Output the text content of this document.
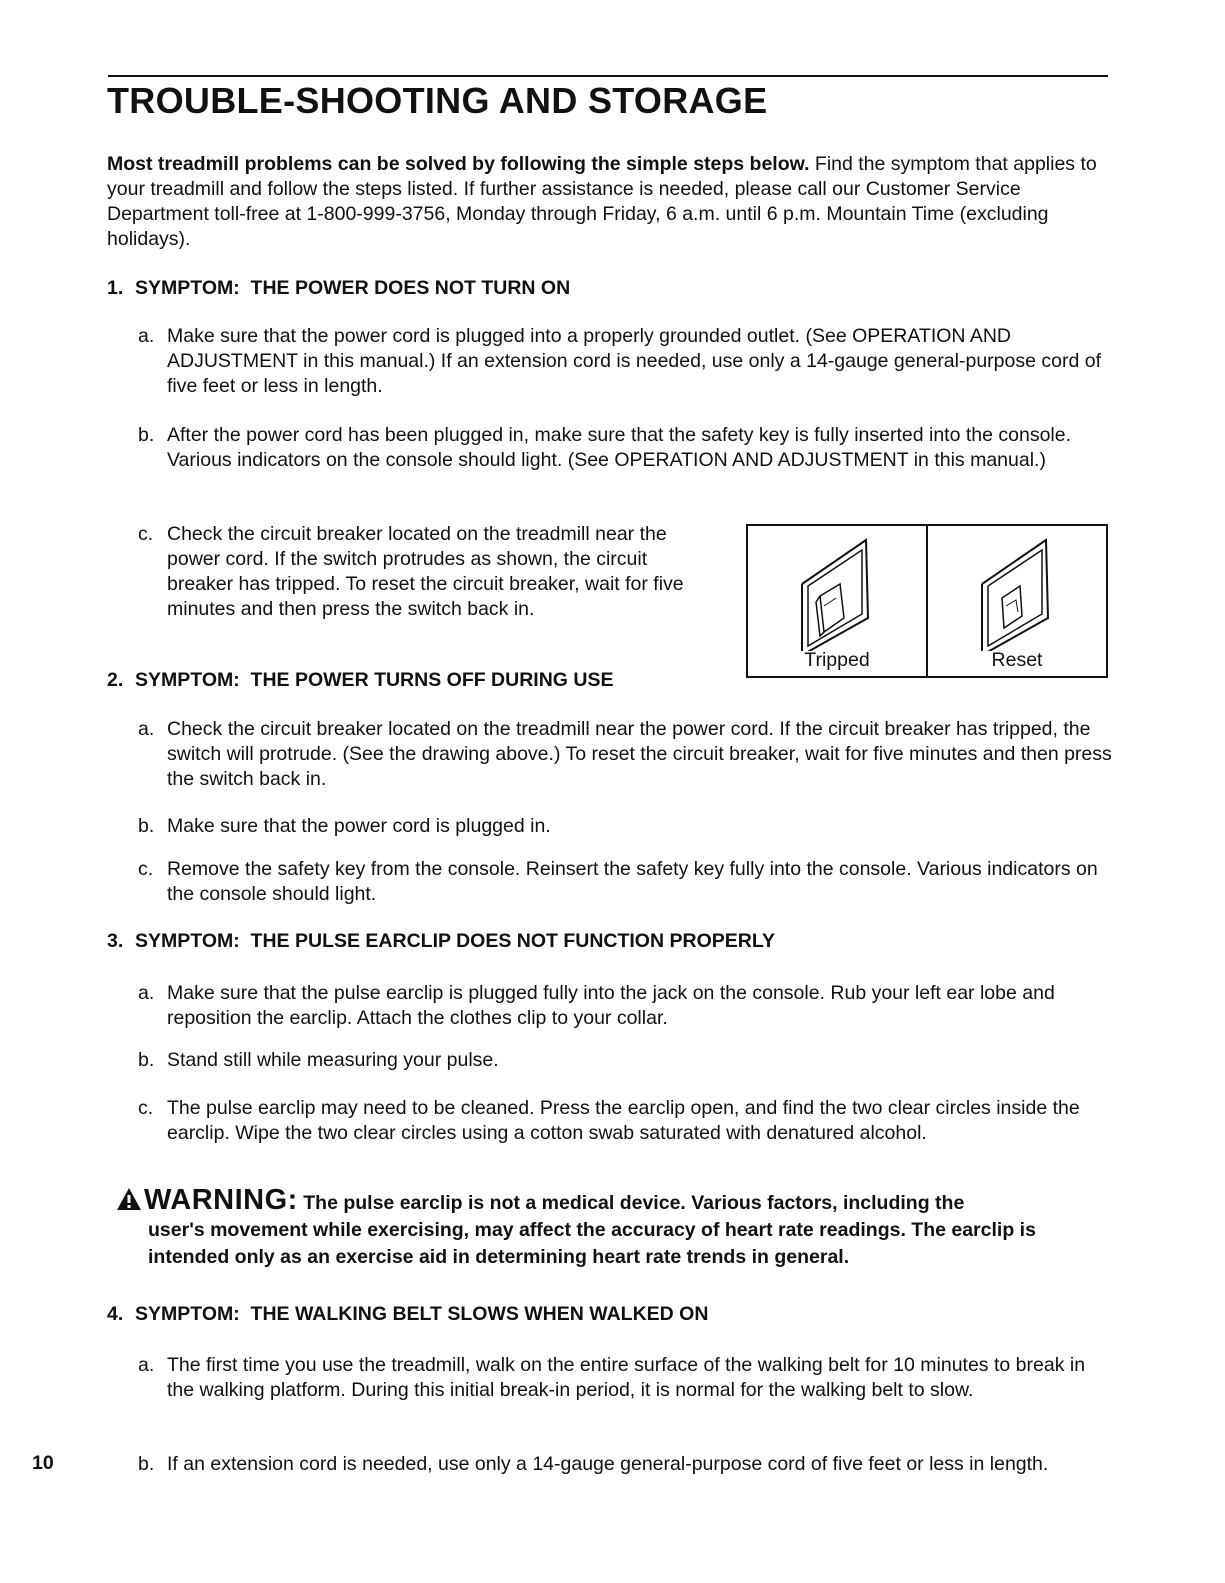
TROUBLE-SHOOTING AND STORAGE

Most treadmill problems can be solved by following the simple steps below. Find the symptom that applies to your treadmill and follow the steps listed. If further assistance is needed, please call our Customer Service Department toll-free at 1-800-999-3756, Monday through Friday, 6 a.m. until 6 p.m. Mountain Time (excluding holidays).

1. SYMPTOM:  THE POWER DOES NOT TURN ON
a. Make sure that the power cord is plugged into a properly grounded outlet. (See OPERATION AND ADJUSTMENT in this manual.) If an extension cord is needed, use only a 14-gauge general-purpose cord of five feet or less in length.
b. After the power cord has been plugged in, make sure that the safety key is fully inserted into the console. Various indicators on the console should light. (See OPERATION AND ADJUSTMENT in this manual.)
c. Check the circuit breaker located on the treadmill near the power cord. If the switch protrudes as shown, the circuit breaker has tripped. To reset the circuit breaker, wait for five minutes and then press the switch back in.
Tripped	Reset
2. SYMPTOM:  THE POWER TURNS OFF DURING USE
a. Check the circuit breaker located on the treadmill near the power cord. If the circuit breaker has tripped, the switch will protrude. (See the drawing above.) To reset the circuit breaker, wait for five minutes and then press the switch back in.
b. Make sure that the power cord is plugged in.
c. Remove the safety key from the console. Reinsert the safety key fully into the console. Various indicators on the console should light.
3. SYMPTOM:  THE PULSE EARCLIP DOES NOT FUNCTION PROPERLY
a. Make sure that the pulse earclip is plugged fully into the jack on the console. Rub your left ear lobe and reposition the earclip. Attach the clothes clip to your collar.
b. Stand still while measuring your pulse.
c. The pulse earclip may need to be cleaned. Press the earclip open, and find the two clear circles inside the earclip. Wipe the two clear circles using a cotton swab saturated with denatured alcohol.
WARNING: The pulse earclip is not a medical device. Various factors, including the
user's movement while exercising, may affect the accuracy of heart rate readings. The earclip is intended only as an exercise aid in determining heart rate trends in general.
4. SYMPTOM:  THE WALKING BELT SLOWS WHEN WALKED ON
a. The first time you use the treadmill, walk on the entire surface of the walking belt for 10 minutes to break in the walking platform. During this initial break-in period, it is normal for the walking belt to slow.
b. If an extension cord is needed, use only a 14-gauge general-purpose cord of five feet or less in length.
10
